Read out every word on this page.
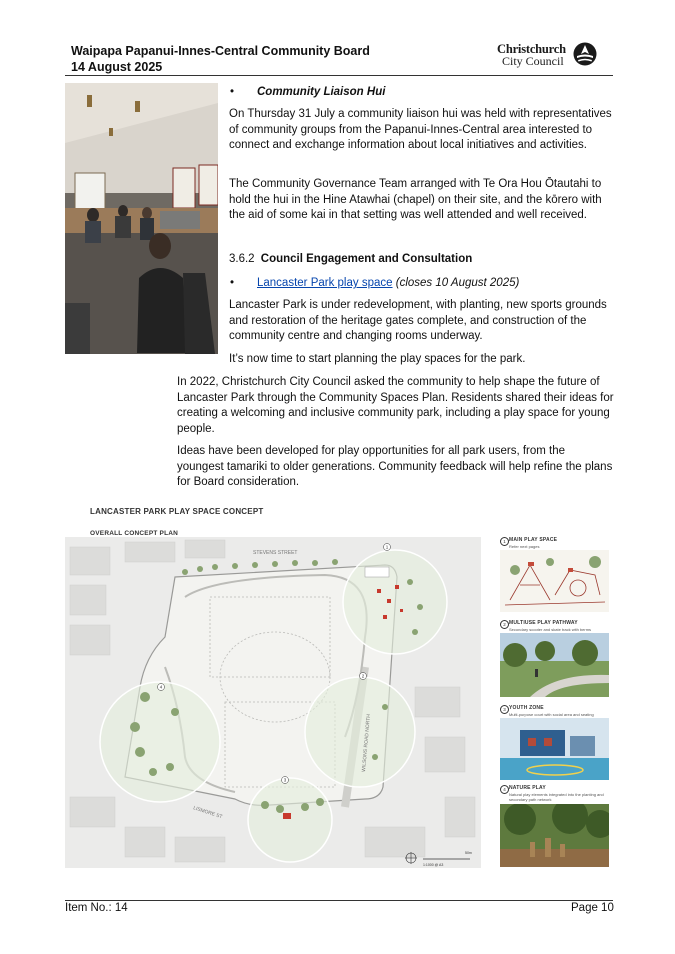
Waipapa Papanui-Innes-Central Community Board
14 August 2025
Christchurch
City Council
• Community Liaison Hui
On Thursday 31 July a community liaison hui was held with representatives of community groups from the Papanui-Innes-Central area interested to connect and exchange information about local initiatives and activities.
The Community Governance Team arranged with Te Ora Hou Ōtautahi to hold the hui in the Hine Atawhai (chapel) on their site, and the kōrero with the aid of some kai in that setting was well attended and well received.
3.6.2 Council Engagement and Consultation
• Lancaster Park play space (closes 10 August 2025)
Lancaster Park is under redevelopment, with planting, new sports grounds and restoration of the heritage gates complete, and construction of the community centre and changing rooms underway.
It’s now time to start planning the play spaces for the park.
In 2022, Christchurch City Council asked the community to help shape the future of Lancaster Park through the Community Spaces Plan. Residents shared their ideas for creating a welcoming and inclusive community park, including a play space for young people.
Ideas have been developed for play opportunities for all park users, from the youngest tamariki to older generations. Community feedback will help refine the plans for Board consideration.
LANCASTER PARK PLAY SPACE CONCEPT
OVERALL CONCEPT PLAN
1
2
4
3
STEVENS STREET
WILSONS ROAD NORTH
LISMORE ST
1:1000 @ A3
50m
1 MAIN PLAY SPACE
Refer next pages
2 MULTIUSE PLAY PATHWAY
Secondary scooter and skate track with berms
3 YOUTH ZONE
Multi-purpose court with social area and seating
4 NATURE PLAY
Natural play elements integrated into the planting and secondary path network
Item No.: 14	Page 10
